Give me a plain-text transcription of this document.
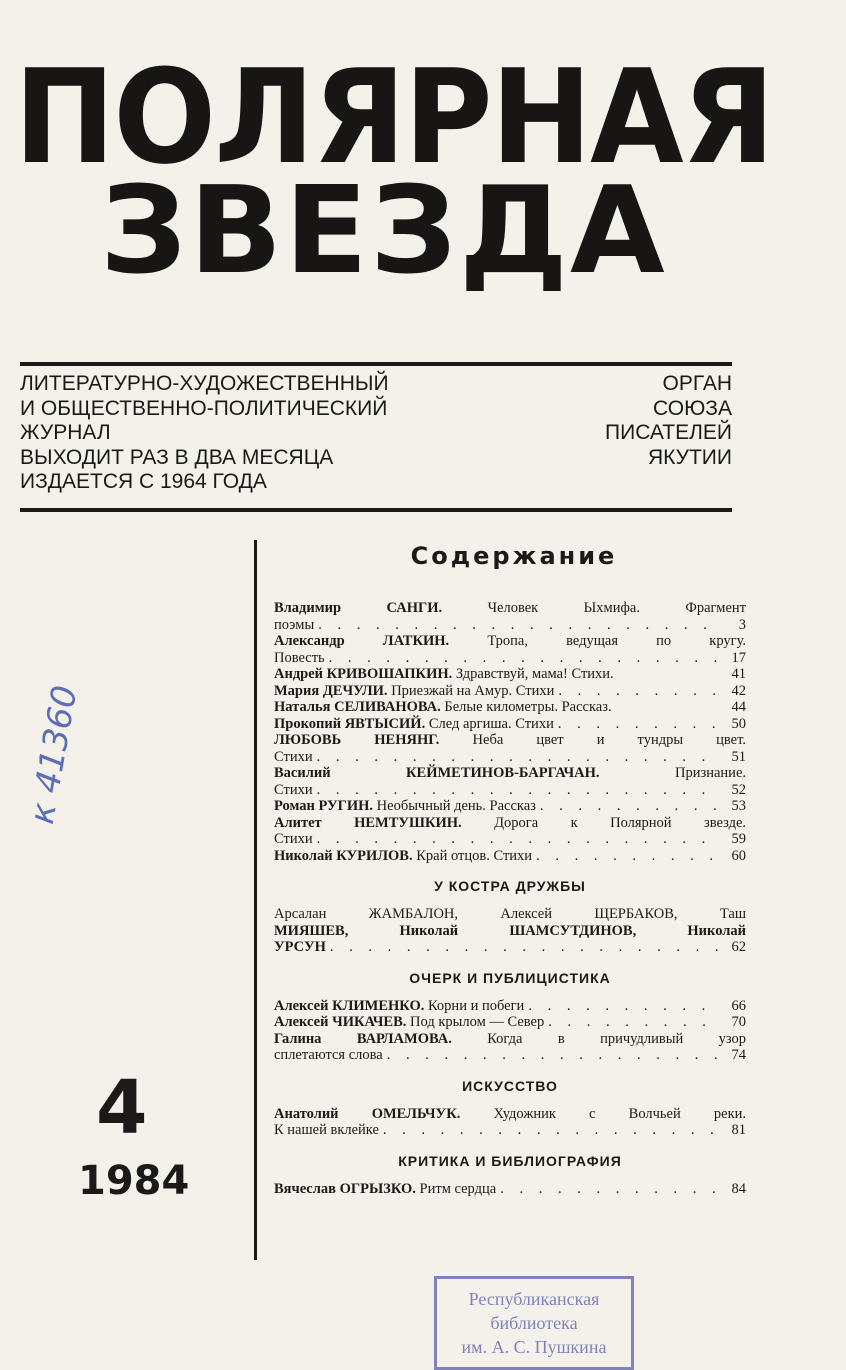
ПОЛЯРНАЯ
ЗВЕЗДА
ЛИТЕРАТУРНО-ХУДОЖЕСТВЕННЫЙ
И ОБЩЕСТВЕННО-ПОЛИТИЧЕСКИЙ
ЖУРНАЛ
ВЫХОДИТ РАЗ В ДВА МЕСЯЦА
ИЗДАЕТСЯ С 1964 ГОДА
ОРГАН
СОЮЗА
ПИСАТЕЛЕЙ
ЯКУТИИ
к 41360
4
1984
Содержание
Владимир САНГИ.	Человек Ыхмифа. Фрагмент
поэмы . . .	3
Александр ЛАТКИН.	Тропа, ведущая по кругу.
Повесть . . .	17
Андрей КРИВОШАПКИН. Здравствуй, мама! Стихи.	41
Мария ДЕЧУЛИ. Приезжай на Амур. Стихи . . .	42
Наталья СЕЛИВАНОВА. Белые километры. Рассказ.	44
Прокопий ЯВТЫСИЙ. След аргиша. Стихи . . .	50
ЛЮБОВЬ НЕНЯНГ. Неба цвет и тундры цвет.
Стихи . . .	51
Василий КЕЙМЕТИНОВ-БАРГАЧАН.	Признание.
Стихи . . .	52
Роман РУГИН. Необычный день. Рассказ . . .	53
Алитет НЕМТУШКИН. Дорога к Полярной звезде.
Стихи . . .	59
Николай КУРИЛОВ. Край отцов. Стихи . . .	60
У КОСТРА ДРУЖБЫ
Арсалан ЖАМБАЛОН, Алексей ЩЕРБАКОВ, Таш
МИЯШЕВ, Николай ШАМСУТДИНОВ, Николай
УРСУН . . .	62
ОЧЕРК И ПУБЛИЦИСТИКА
Алексей КЛИМЕНКО. Корни и побеги . . .	66
Алексей ЧИКАЧЕВ. Под крылом — Север . . .	70
Галина ВАРЛАМОВА. Когда в причудливый узор
сплетаются слова . . .	74
ИСКУССТВО
Анатолий ОМЕЛЬЧУК. Художник с Волчьей реки.
К нашей вклейке . . .	81
КРИТИКА И БИБЛИОГРАФИЯ
Вячеслав ОГРЫЗКО. Ритм сердца . . .	84
Республиканская
библиотека
им. А. С. Пушкина
